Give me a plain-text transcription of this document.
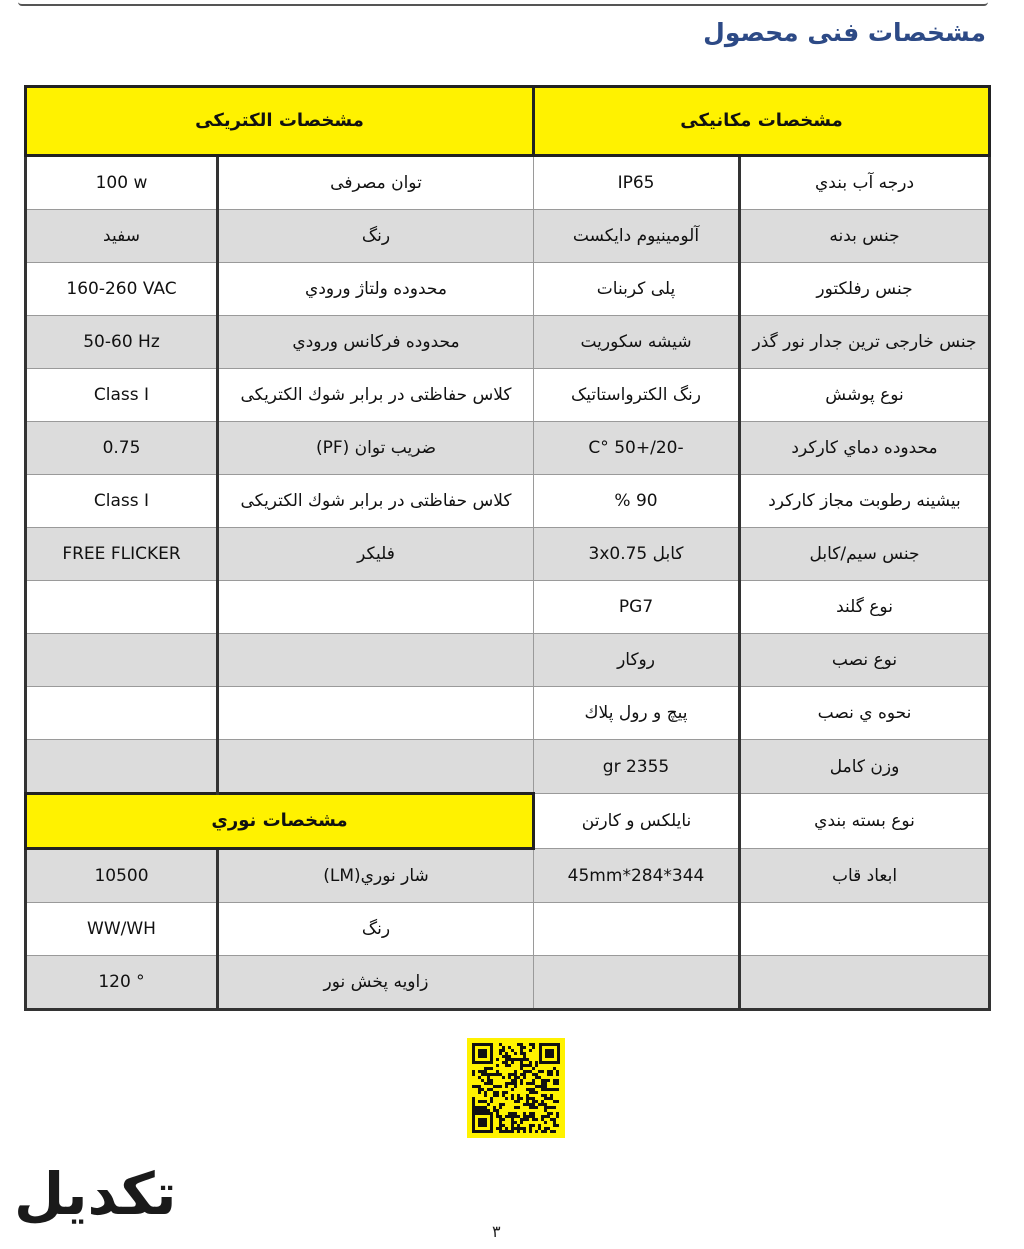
مشخصات فنی محصول
مشخصات الکتریکی		مشخصات مکانیکی	
100 w	توان مصرفی	IP65	درجه آب بندي
سفید	رنگ	آلومینیوم دایکست	جنس بدنه
160-260 VAC	محدوده ولتاژ ورودي	پلی کربنات	جنس رفلکتور
50-60 Hz	محدوده فرکانس ورودي	شیشه سکوریت	جنس خارجی ترین جدار نور گذر
Class I	کلاس حفاظتی در برابر شوك الکتریکی	رنگ الکترواستاتیک	نوع پوشش
0.75	ضریب توان (PF)	-20/+50 °C	محدوده دماي کارکرد
Class I	کلاس حفاظتی در برابر شوك الکتریکی	90 %	بیشینه رطوبت مجاز کارکرد
FREE FLICKER	فلیکر	کابل 3x0.75	جنس سیم/کابل
		PG7	نوع گلند
		روکار	نوع نصب
		پیچ و رول پلاك	نحوه ي نصب
		2355 gr	وزن کامل
مشخصات نوري		نایلکس و کارتن	نوع بسته بندي
10500	شار نوري(LM)	344*284*45mm	ابعاد قاب
WW/WH	رنگ		
120 °	زاویه پخش نور		
تکدیل
٣
